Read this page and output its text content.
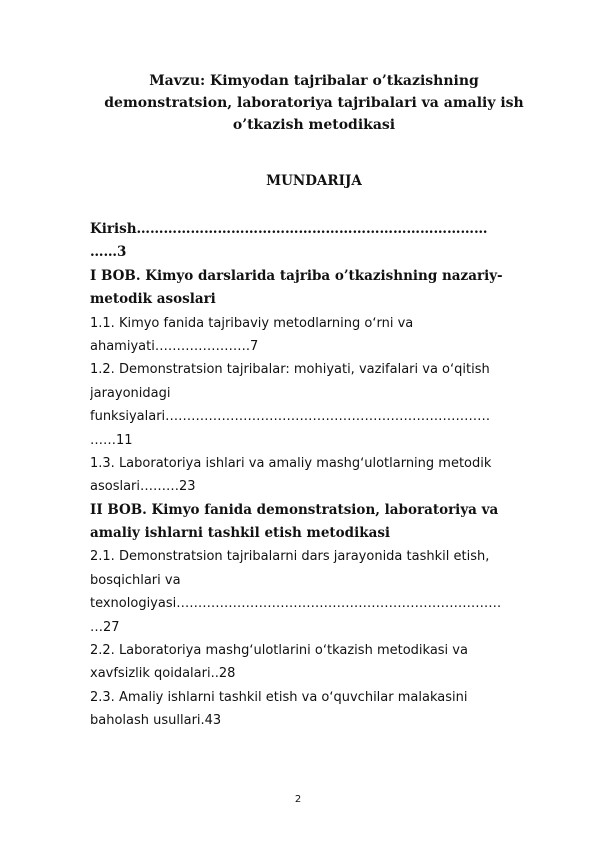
Mavzu: Kimyodan tajribalar o’tkazishning
demonstratsion, laboratoriya tajribalari va amaliy ish
o’tkazish metodikasi
MUNDARIJA
Kirish……………………………………………………………………
……3
I BOB. Kimyo darslarida tajriba o’tkazishning nazariy-
metodik asoslari
1.1. Kimyo fanida tajribaviy metodlarning oʻrni va
ahamiyati………………….7
1.2. Demonstratsion tajribalar: mohiyati, vazifalari va oʻqitish
jarayonidagi
funksiyalari…………………………………………………………………
……11
1.3. Laboratoriya ishlari va amaliy mashgʻulotlarning metodik
asoslari………23
II BOB. Kimyo fanida demonstratsion, laboratoriya va
amaliy ishlarni tashkil etish metodikasi
2.1. Demonstratsion tajribalarni dars jarayonida tashkil etish,
bosqichlari va
texnologiyasi…………………………………………………………………
…27
2.2. Laboratoriya mashgʻulotlarini oʻtkazish metodikasi va
xavfsizlik qoidalari..28
2.3. Amaliy ishlarni tashkil etish va oʻquvchilar malakasini
baholash usullari.43
2
